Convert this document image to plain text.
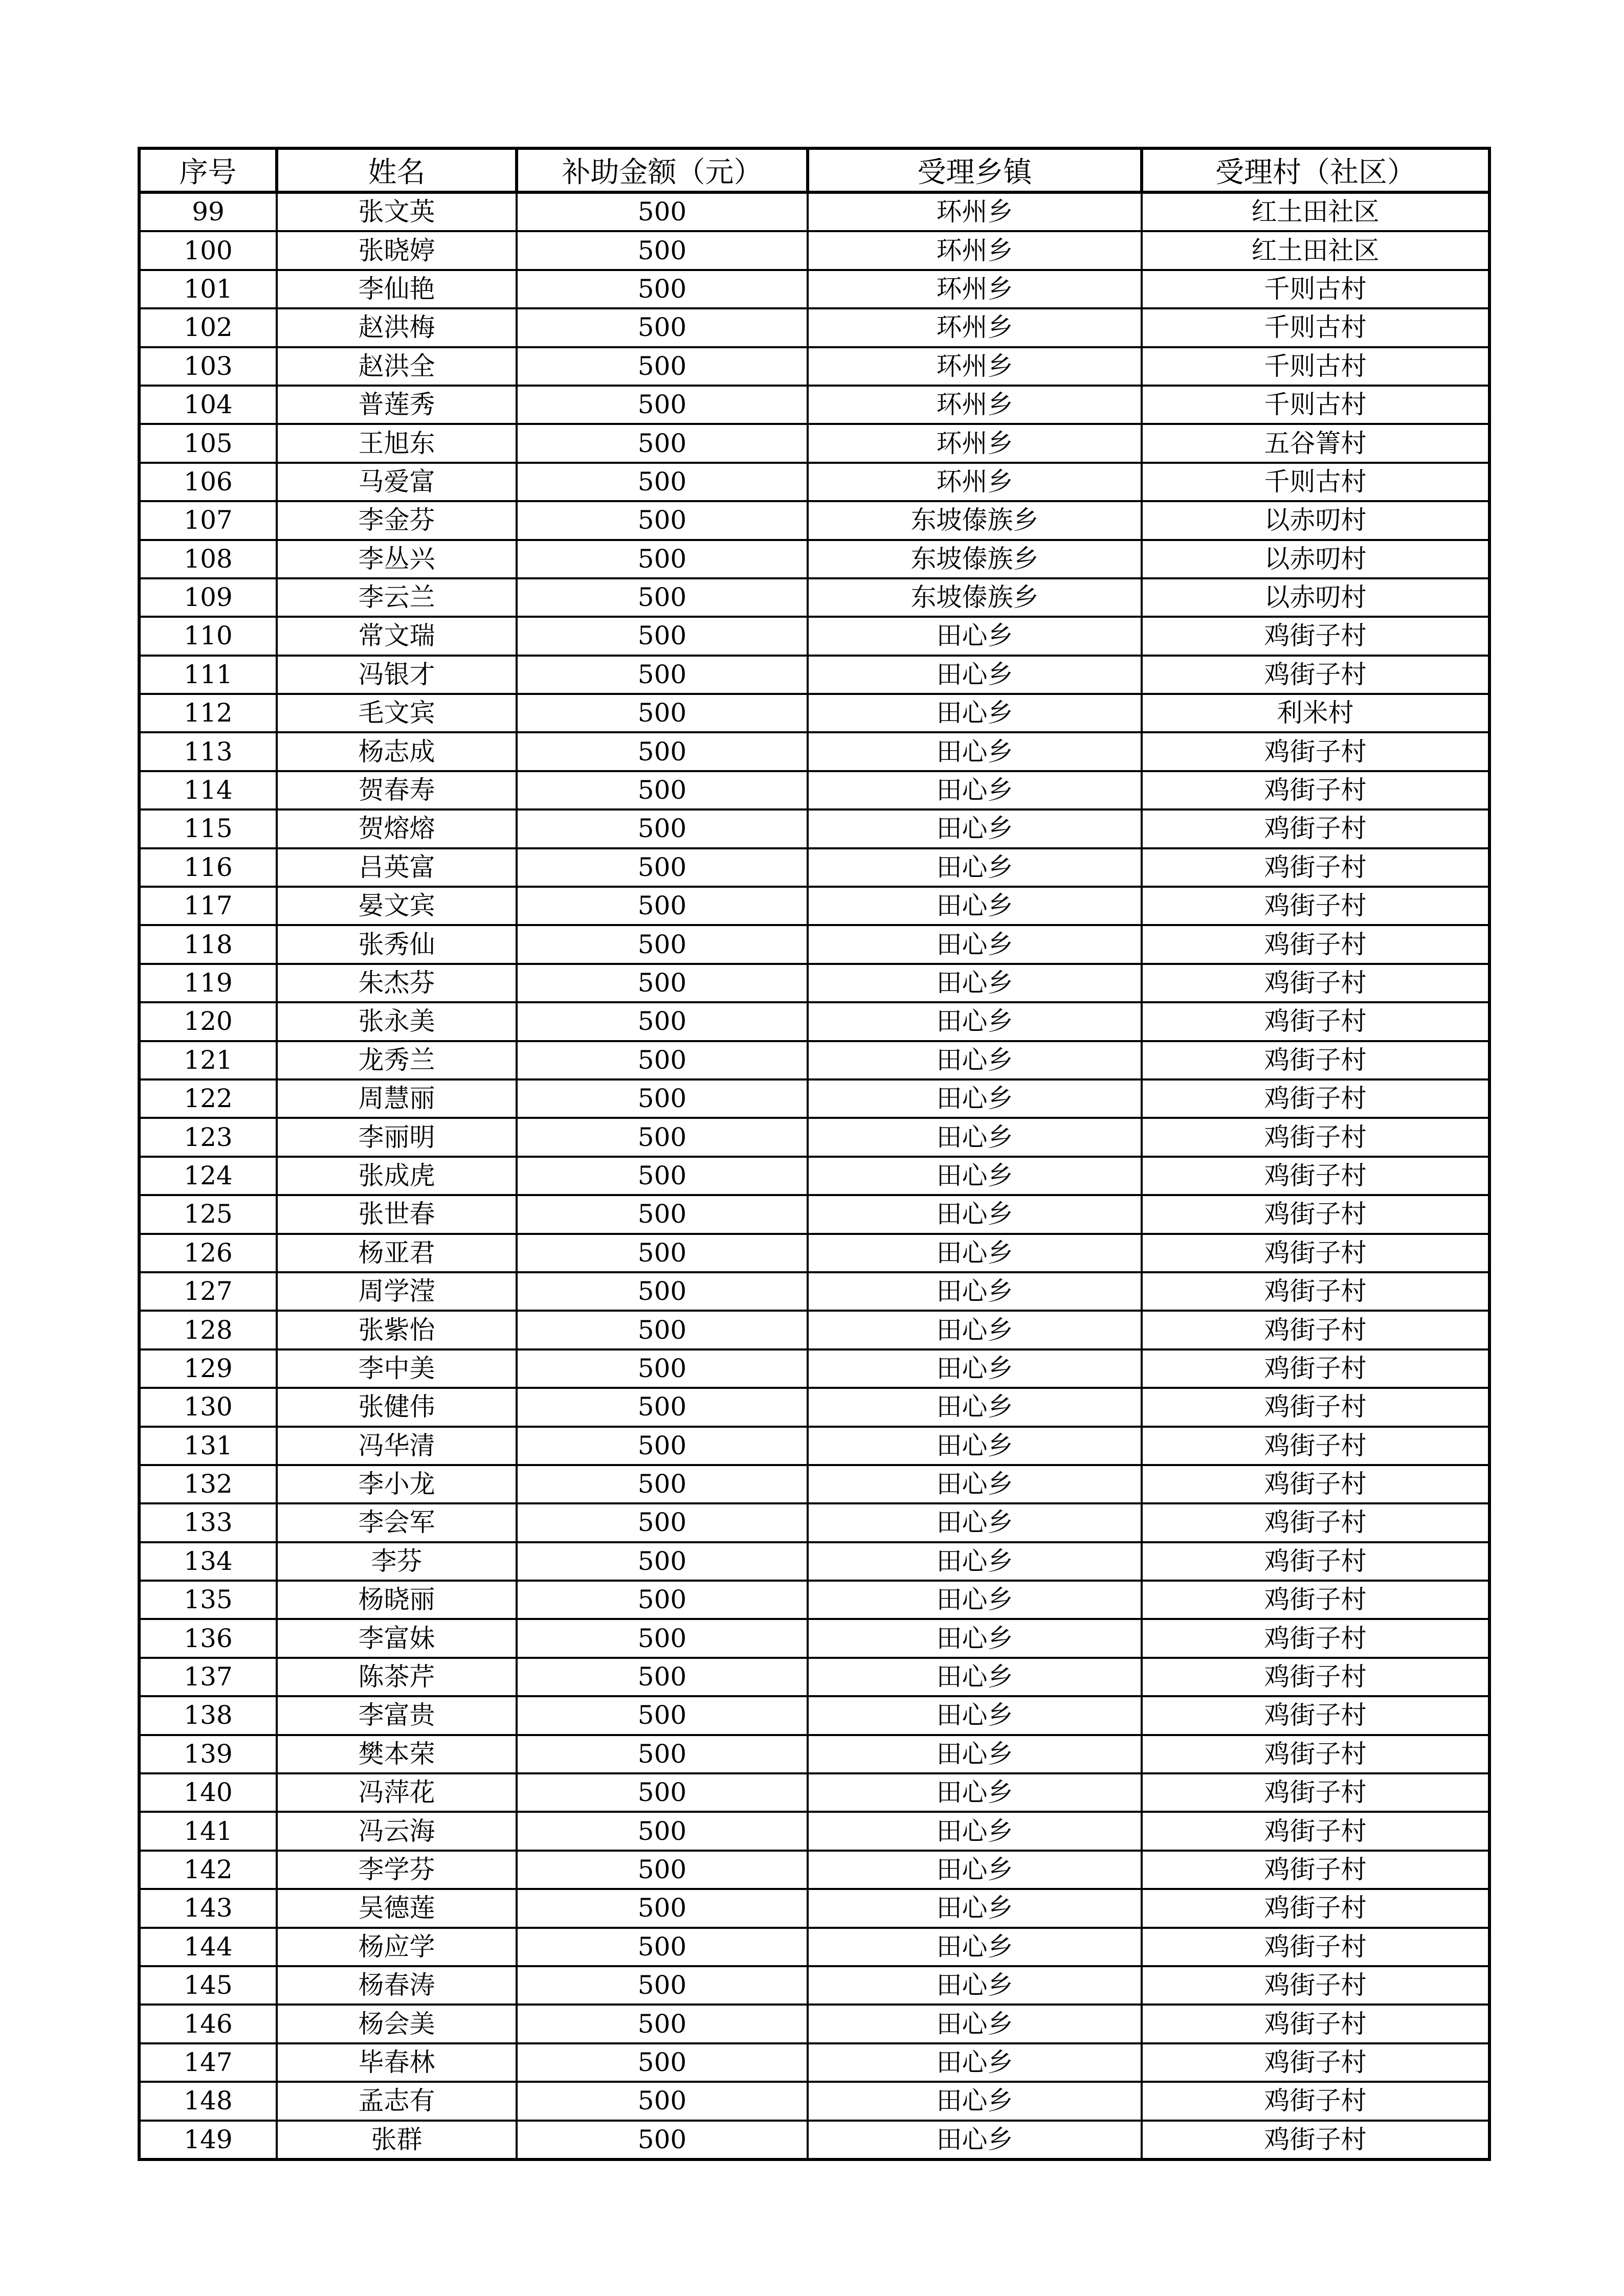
序号	姓名	补助金额（元）	受理乡镇	受理村（社区）
99	张文英	500	环州乡	红土田社区
100	张晓婷	500	环州乡	红土田社区
101	李仙艳	500	环州乡	千则古村
102	赵洪梅	500	环州乡	千则古村
103	赵洪全	500	环州乡	千则古村
104	普莲秀	500	环州乡	千则古村
105	王旭东	500	环州乡	五谷箐村
106	马爱富	500	环州乡	千则古村
107	李金芬	500	东坡傣族乡	以赤叨村
108	李丛兴	500	东坡傣族乡	以赤叨村
109	李云兰	500	东坡傣族乡	以赤叨村
110	常文瑞	500	田心乡	鸡街子村
111	冯银才	500	田心乡	鸡街子村
112	毛文宾	500	田心乡	利米村
113	杨志成	500	田心乡	鸡街子村
114	贺春寿	500	田心乡	鸡街子村
115	贺熔熔	500	田心乡	鸡街子村
116	吕英富	500	田心乡	鸡街子村
117	晏文宾	500	田心乡	鸡街子村
118	张秀仙	500	田心乡	鸡街子村
119	朱杰芬	500	田心乡	鸡街子村
120	张永美	500	田心乡	鸡街子村
121	龙秀兰	500	田心乡	鸡街子村
122	周慧丽	500	田心乡	鸡街子村
123	李丽明	500	田心乡	鸡街子村
124	张成虎	500	田心乡	鸡街子村
125	张世春	500	田心乡	鸡街子村
126	杨亚君	500	田心乡	鸡街子村
127	周学滢	500	田心乡	鸡街子村
128	张紫怡	500	田心乡	鸡街子村
129	李中美	500	田心乡	鸡街子村
130	张健伟	500	田心乡	鸡街子村
131	冯华清	500	田心乡	鸡街子村
132	李小龙	500	田心乡	鸡街子村
133	李会军	500	田心乡	鸡街子村
134	李芬	500	田心乡	鸡街子村
135	杨晓丽	500	田心乡	鸡街子村
136	李富妹	500	田心乡	鸡街子村
137	陈茶芹	500	田心乡	鸡街子村
138	李富贵	500	田心乡	鸡街子村
139	樊本荣	500	田心乡	鸡街子村
140	冯萍花	500	田心乡	鸡街子村
141	冯云海	500	田心乡	鸡街子村
142	李学芬	500	田心乡	鸡街子村
143	吴德莲	500	田心乡	鸡街子村
144	杨应学	500	田心乡	鸡街子村
145	杨春涛	500	田心乡	鸡街子村
146	杨会美	500	田心乡	鸡街子村
147	毕春林	500	田心乡	鸡街子村
148	孟志有	500	田心乡	鸡街子村
149	张群	500	田心乡	鸡街子村
